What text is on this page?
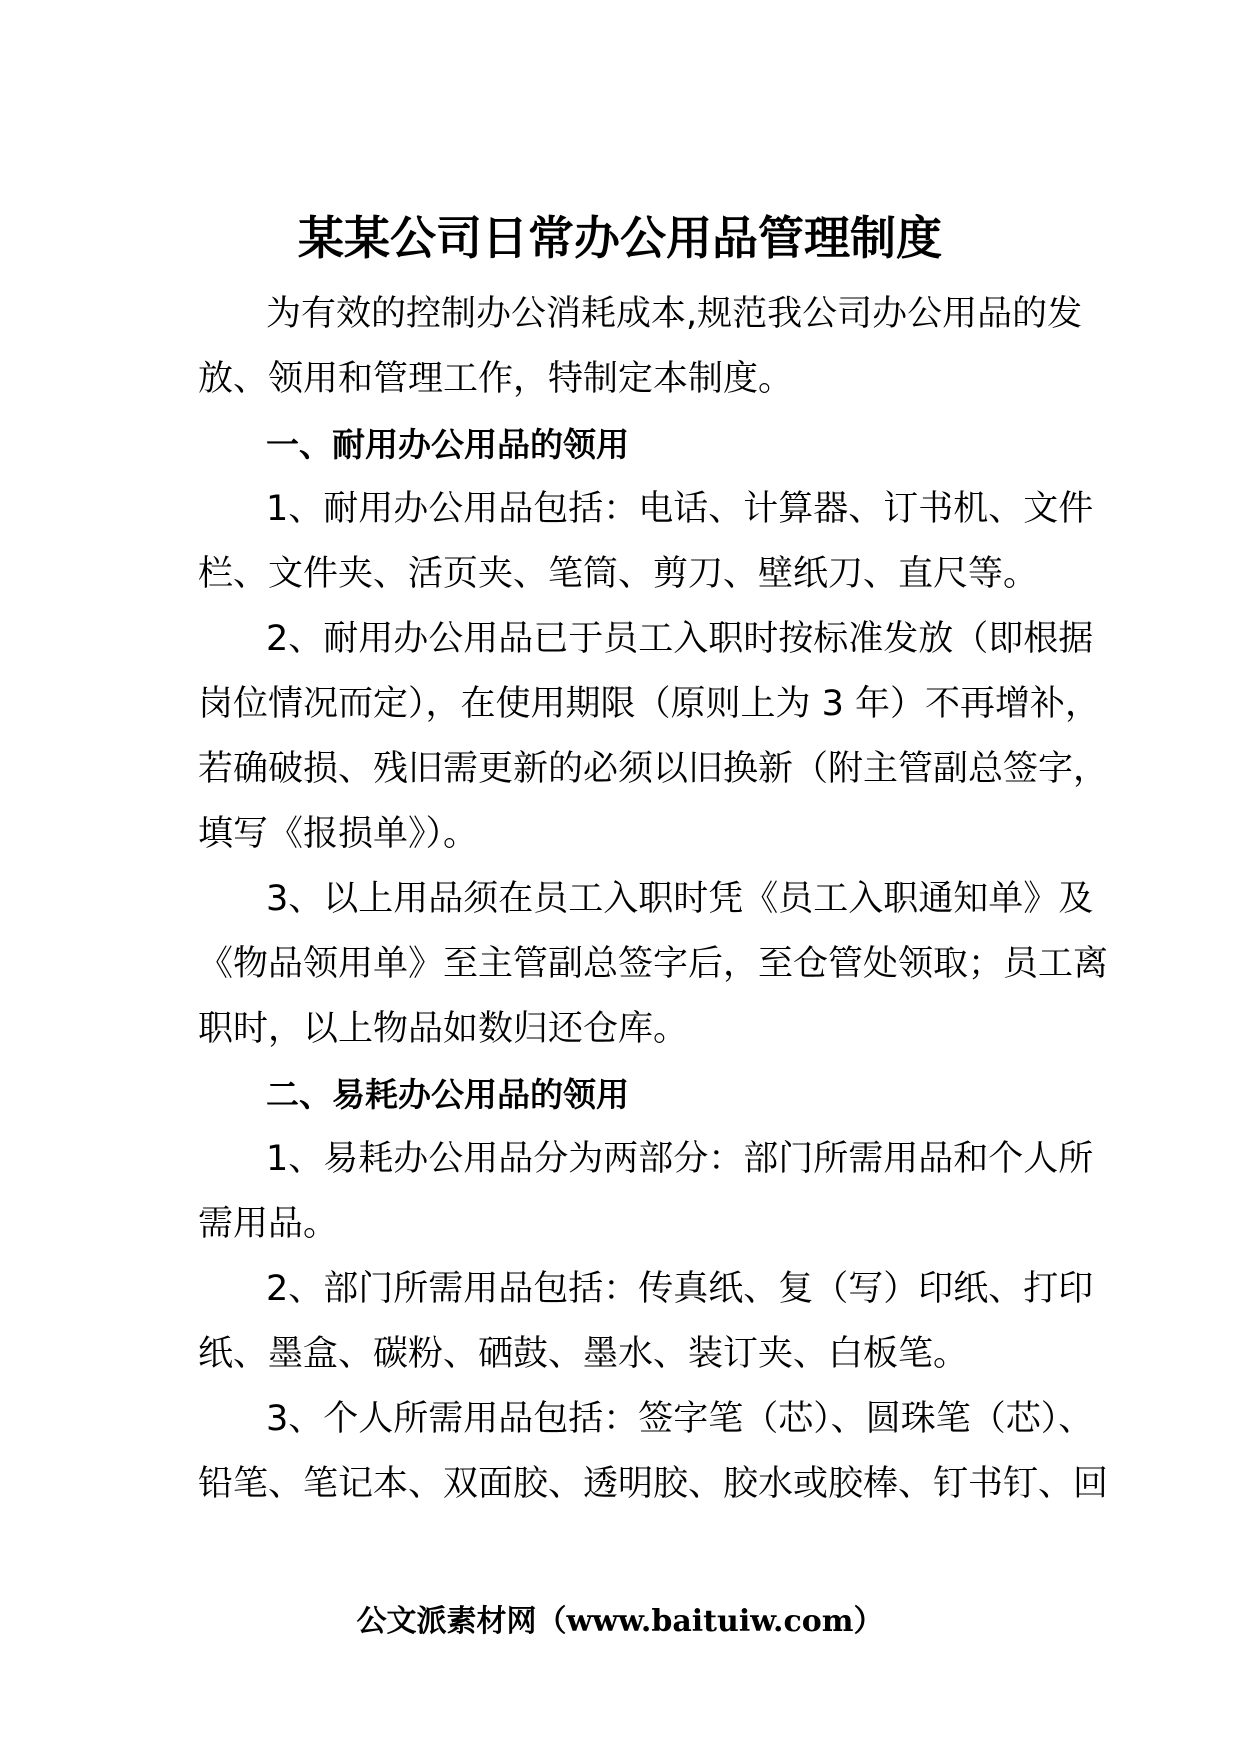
某某公司日常办公用品管理制度

为有效的控制办公消耗成本,规范我公司办公用品的发
放、领用和管理工作，特制定本制度。

一、耐用办公用品的领用

1、耐用办公用品包括：电话、计算器、订书机、文件
栏、文件夹、活页夹、笔筒、剪刀、壁纸刀、直尺等。

2、耐用办公用品已于员工入职时按标准发放（即根据
岗位情况而定），在使用期限（原则上为 3 年）不再增补，
若确破损、残旧需更新的必须以旧换新（附主管副总签字，
填写《报损单》）。

3、以上用品须在员工入职时凭《员工入职通知单》及
《物品领用单》至主管副总签字后，至仓管处领取；员工离
职时，以上物品如数归还仓库。

二、易耗办公用品的领用

1、易耗办公用品分为两部分：部门所需用品和个人所
需用品。

2、部门所需用品包括：传真纸、复（写）印纸、打印
纸、墨盒、碳粉、硒鼓、墨水、装订夹、白板笔。

3、个人所需用品包括：签字笔（芯）、圆珠笔（芯）、
铅笔、笔记本、双面胶、透明胶、胶水或胶棒、钉书钉、回

公文派素材网（www.baituiw.com）
